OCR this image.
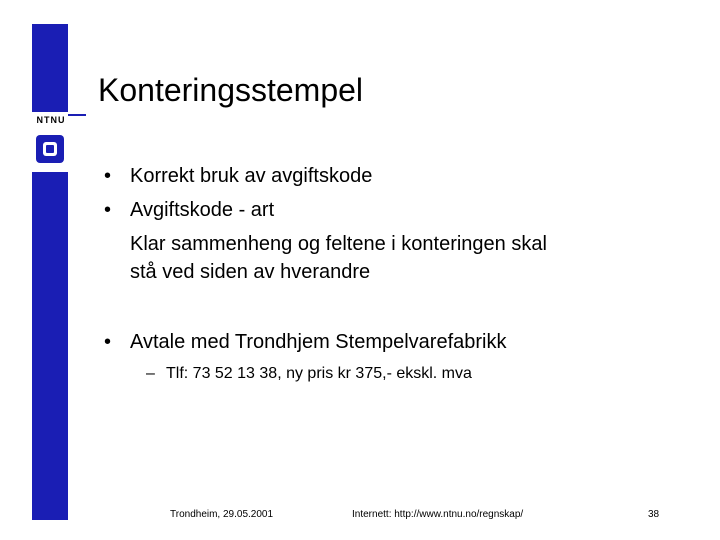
NTNU
Konteringsstempel
• Korrekt bruk av avgiftskode
• Avgiftskode - art
Klar sammenheng og feltene i konteringen skal
stå ved siden av hverandre
• Avtale med Trondhjem Stempelvarefabrikk
– Tlf: 73 52 13 38, ny pris kr 375,- ekskl. mva
Trondheim, 29.05.2001	Internett: http://www.ntnu.no/regnskap/	38
